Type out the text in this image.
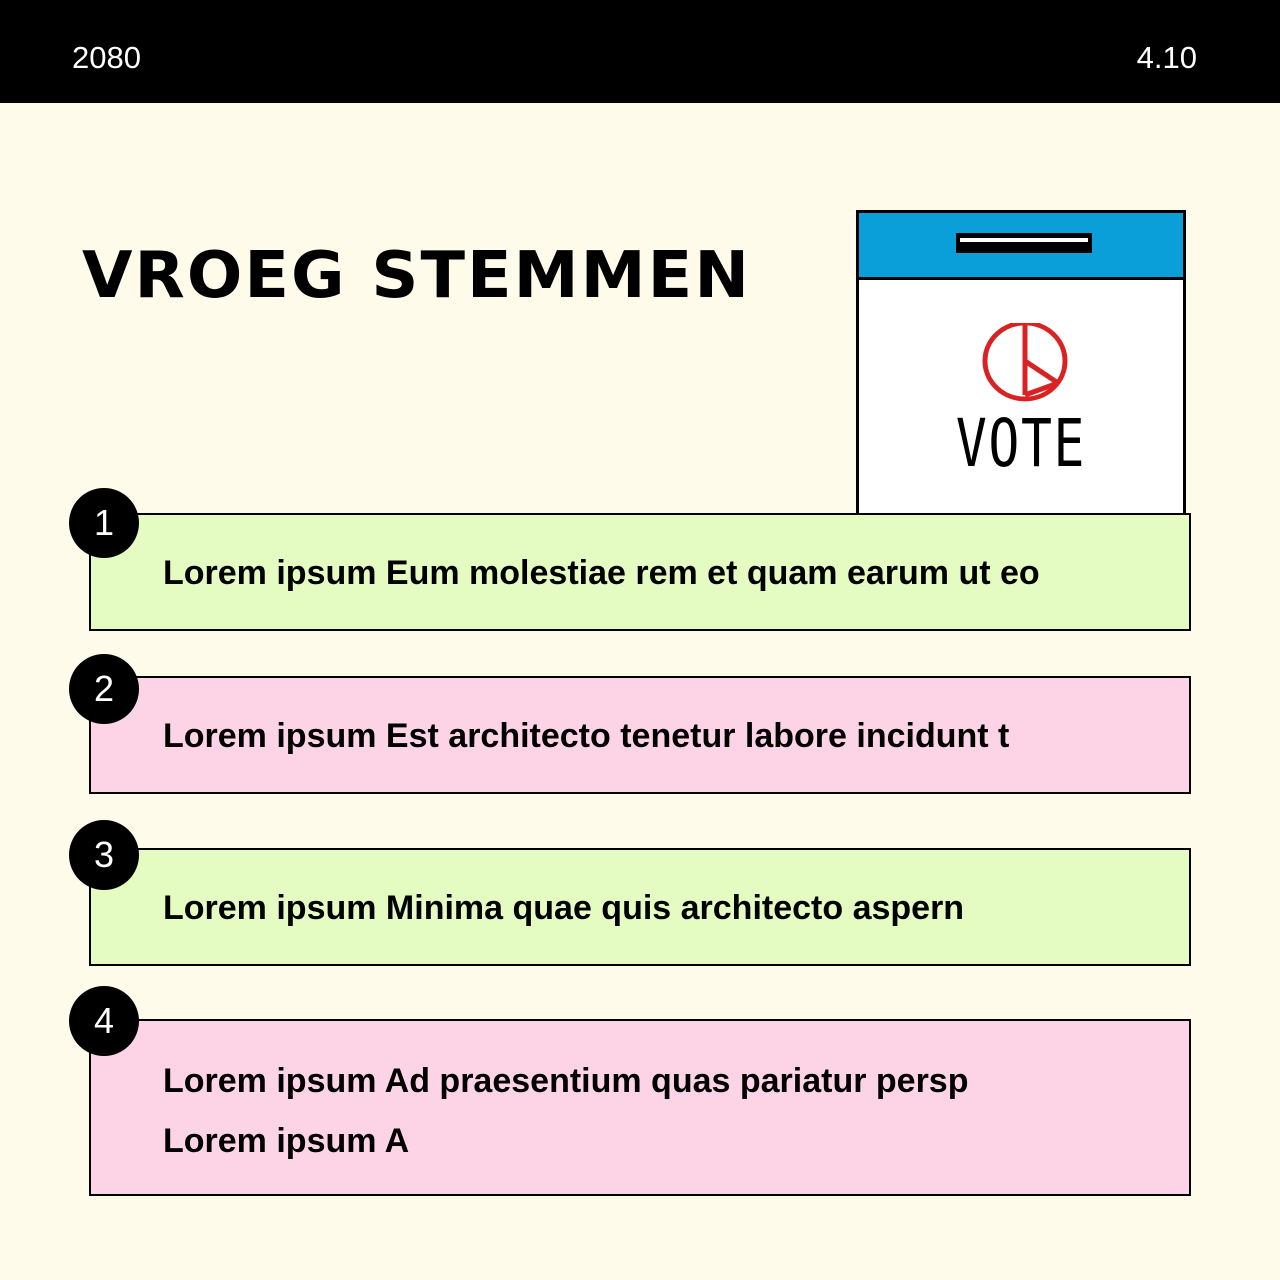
2080	4.10
VROEG STEMMEN
VOTE
Lorem ipsum Eum molestiae rem et quam earum ut eo
1
Lorem ipsum Est architecto tenetur labore incidunt t
2
Lorem ipsum Minima quae quis architecto aspern
3
Lorem ipsum Ad praesentium quas pariatur persp Lorem ipsum A
4
